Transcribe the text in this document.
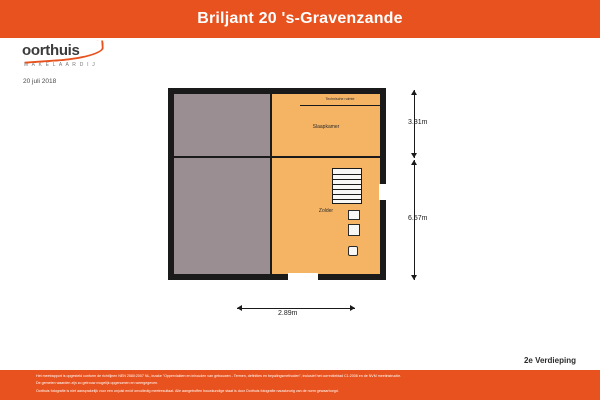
Briljant 20 's-Gravenzande
oorthuis
M A K E L A A R D I J
20 juli 2018
Slaapkamer
Technische ruimte
Zolder
3.31m
6.57m
2.89m
2e Verdieping

Het meetrapport is opgesteld conform de richtlijnen NEN 2580:2007 NL, inzake "Oppervlakten en inhouden van gebouwen - Termen, definities en bepalingsmethoden", inclusief het correctieblad C1:2008 en de NVM meetinstructie.

De gemeten waarden zijn zo getrouw mogelijk opgenomen en weergegeven.

Oorthuis fotografie is niet aansprakelijk voor een onjuist en/of onvolledig meetresultaat. Alle aangetroffen bouwkundige staat is door Oorthuis fotografie nauwkeurig van de norm gewaarborgd.
